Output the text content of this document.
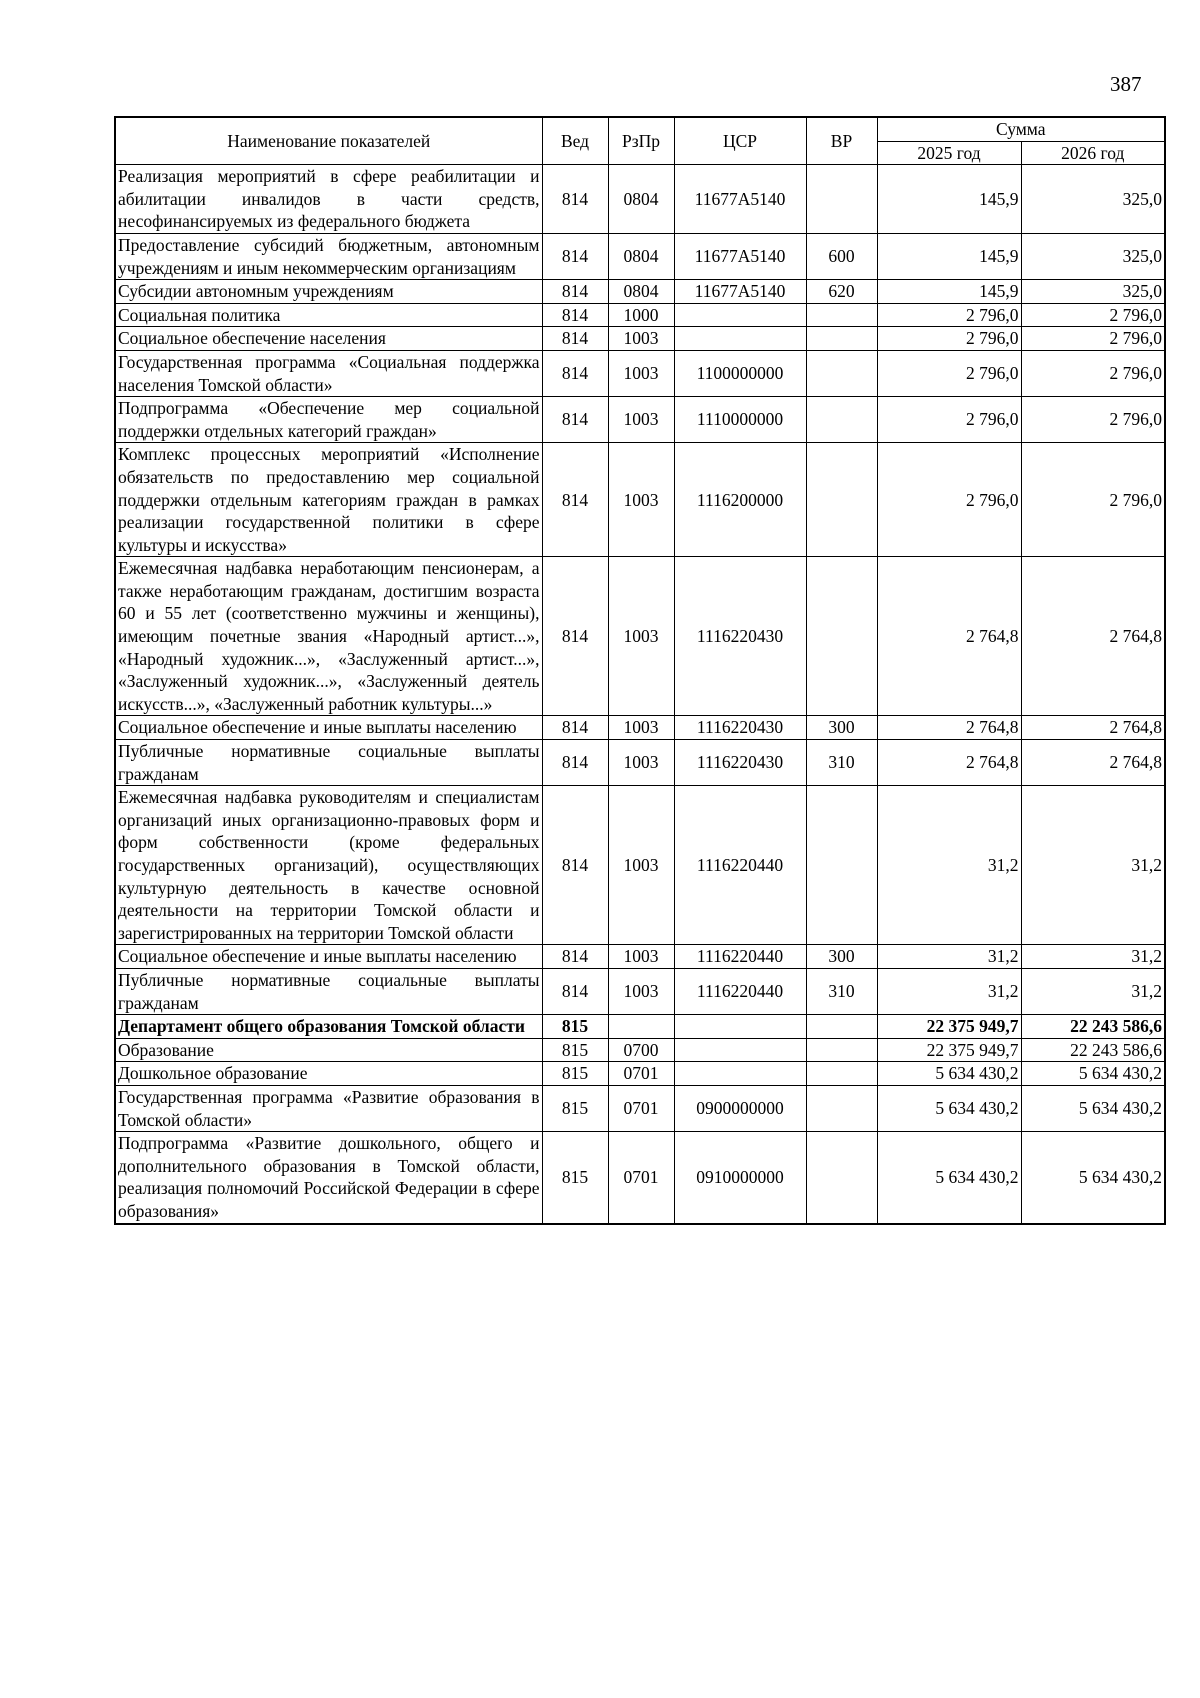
387
Наименование показателей	Вед	РзПр	ЦСР	ВР	Сумма	
					2025 год	2026 год
Реализация мероприятий в сфере реабилитации и абилитации инвалидов в части средств, несофинансируемых из федерального бюджета	814	0804	11677А5140		145,9	325,0
Предоставление субсидий бюджетным, автономным учреждениям и иным некоммерческим организациям	814	0804	11677А5140	600	145,9	325,0
Субсидии автономным учреждениям	814	0804	11677А5140	620	145,9	325,0
Социальная политика	814	1000			2 796,0	2 796,0
Социальное обеспечение населения	814	1003			2 796,0	2 796,0
Государственная программа «Социальная поддержка населения Томской области»	814	1003	1100000000		2 796,0	2 796,0
Подпрограмма «Обеспечение мер социальной поддержки отдельных категорий граждан»	814	1003	1110000000		2 796,0	2 796,0
Комплекс процессных мероприятий «Исполнение обязательств по предоставлению мер социальной поддержки отдельным категориям граждан в рамках реализации государственной политики в сфере культуры и искусства»	814	1003	1116200000		2 796,0	2 796,0
Ежемесячная надбавка неработающим пенсионерам, а также неработающим гражданам, достигшим возраста 60 и 55 лет (соответственно мужчины и женщины), имеющим почетные звания «Народный артист...», «Народный художник...», «Заслуженный артист...», «Заслуженный художник...», «Заслуженный деятель искусств...», «Заслуженный работник культуры...»	814	1003	1116220430		2 764,8	2 764,8
Социальное обеспечение и иные выплаты населению	814	1003	1116220430	300	2 764,8	2 764,8
Публичные нормативные социальные выплаты гражданам	814	1003	1116220430	310	2 764,8	2 764,8
Ежемесячная надбавка руководителям и специалистам организаций иных организационно-правовых форм и форм собственности (кроме федеральных государственных организаций), осуществляющих культурную деятельность в качестве основной деятельности на территории Томской области и зарегистрированных на территории Томской области	814	1003	1116220440		31,2	31,2
Социальное обеспечение и иные выплаты населению	814	1003	1116220440	300	31,2	31,2
Публичные нормативные социальные выплаты гражданам	814	1003	1116220440	310	31,2	31,2
Департамент общего образования Томской области	815				22 375 949,7	22 243 586,6
Образование	815	0700			22 375 949,7	22 243 586,6
Дошкольное образование	815	0701			5 634 430,2	5 634 430,2
Государственная программа «Развитие образования в Томской области»	815	0701	0900000000		5 634 430,2	5 634 430,2
Подпрограмма «Развитие дошкольного, общего и дополнительного образования в Томской области, реализация полномочий Российской Федерации в сфере образования»	815	0701	0910000000		5 634 430,2	5 634 430,2
